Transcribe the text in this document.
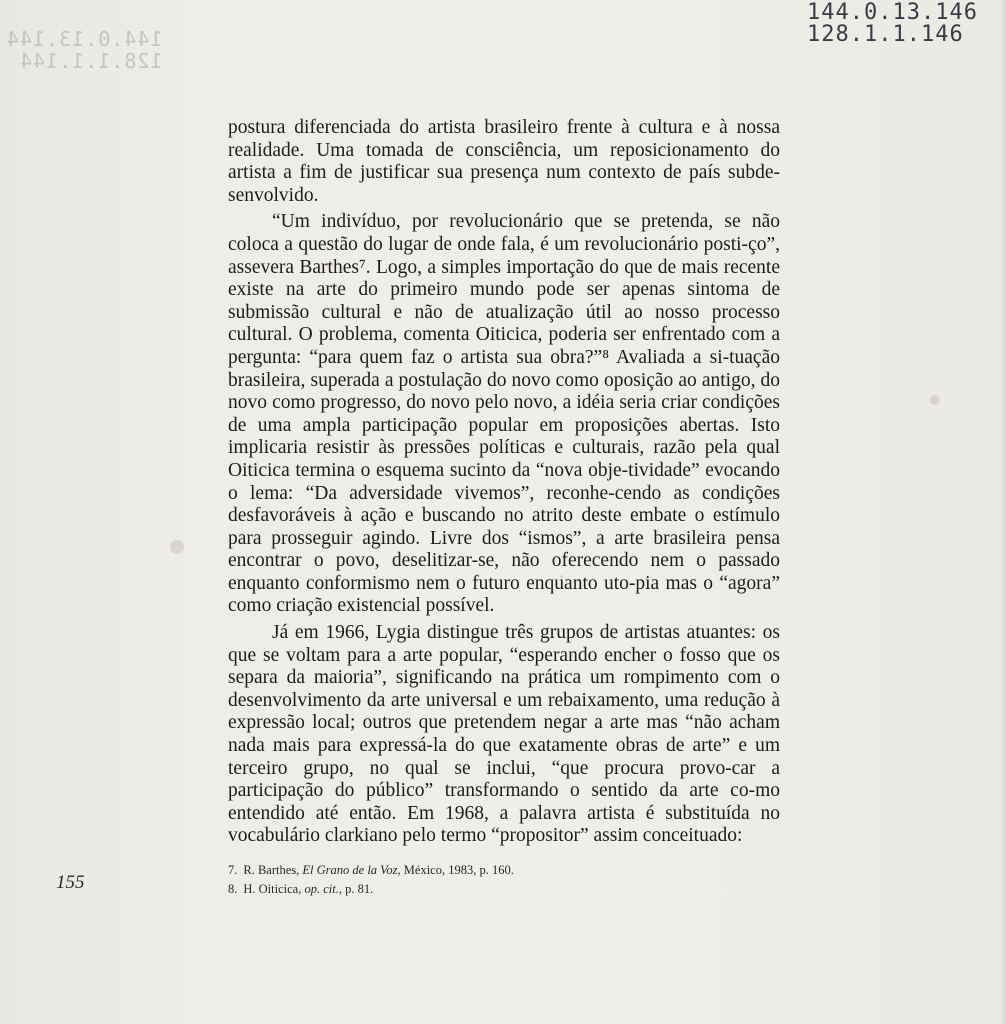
144.0.13.144
128.1.1.144
144.0.13.146
128.1.1.146

postura diferenciada do artista brasileiro frente à cultura e à nossa realidade. Uma tomada de consciência, um reposicionamento do artista a fim de justificar sua presença num contexto de país subde-senvolvido.

“Um indivíduo, por revolucionário que se pretenda, se não coloca a questão do lugar de onde fala, é um revolucionário posti-ço”, assevera Barthes⁷. Logo, a simples importação do que de mais recente existe na arte do primeiro mundo pode ser apenas sintoma de submissão cultural e não de atualização útil ao nosso processo cultural. O problema, comenta Oiticica, poderia ser enfrentado com a pergunta: “para quem faz o artista sua obra?”⁸ Avaliada a si-tuação brasileira, superada a postulação do novo como oposição ao antigo, do novo como progresso, do novo pelo novo, a idéia seria criar condições de uma ampla participação popular em proposições abertas. Isto implicaria resistir às pressões políticas e culturais, razão pela qual Oiticica termina o esquema sucinto da “nova obje-tividade” evocando o lema: “Da adversidade vivemos”, reconhe-cendo as condições desfavoráveis à ação e buscando no atrito deste embate o estímulo para prosseguir agindo. Livre dos “ismos”, a arte brasileira pensa encontrar o povo, deselitizar-se, não oferecendo nem o passado enquanto conformismo nem o futuro enquanto uto-pia mas o “agora” como criação existencial possível.

Já em 1966, Lygia distingue três grupos de artistas atuantes: os que se voltam para a arte popular, “esperando encher o fosso que os separa da maioria”, significando na prática um rompimento com o desenvolvimento da arte universal e um rebaixamento, uma redução à expressão local; outros que pretendem negar a arte mas “não acham nada mais para expressá-la do que exatamente obras de arte” e um terceiro grupo, no qual se inclui, “que procura provo-car a participação do público” transformando o sentido da arte co-mo entendido até então. Em 1968, a palavra artista é substituída no vocabulário clarkiano pelo termo “propositor” assim conceituado:

155
7. R. Barthes, El Grano de la Voz, México, 1983, p. 160.
8. H. Oiticica, op. cit., p. 81.
